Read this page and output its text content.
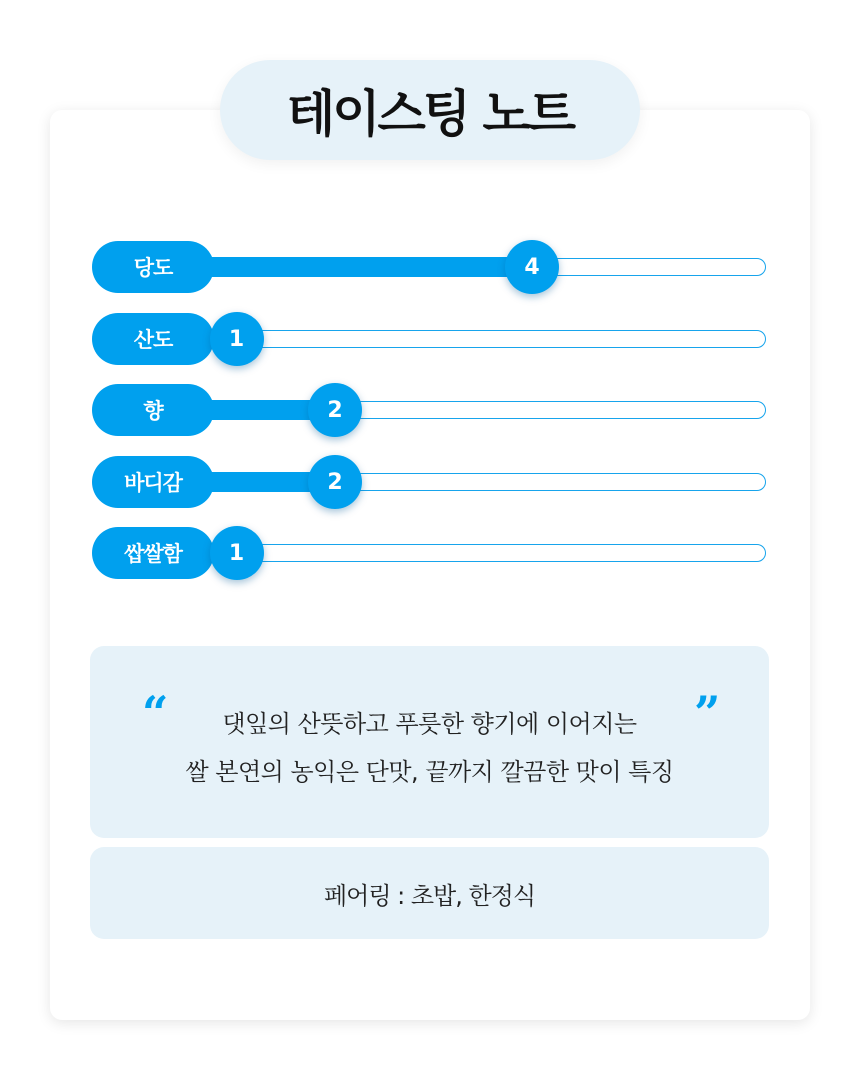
테이스팅 노트
당도	4
산도	1
향	2
바디감	2
쌉쌀함	1
“	”
댓잎의 산뜻하고 푸릇한 향기에 이어지는
쌀 본연의 농익은 단맛, 끝까지 깔끔한 맛이 특징
페어링 : 초밥, 한정식
